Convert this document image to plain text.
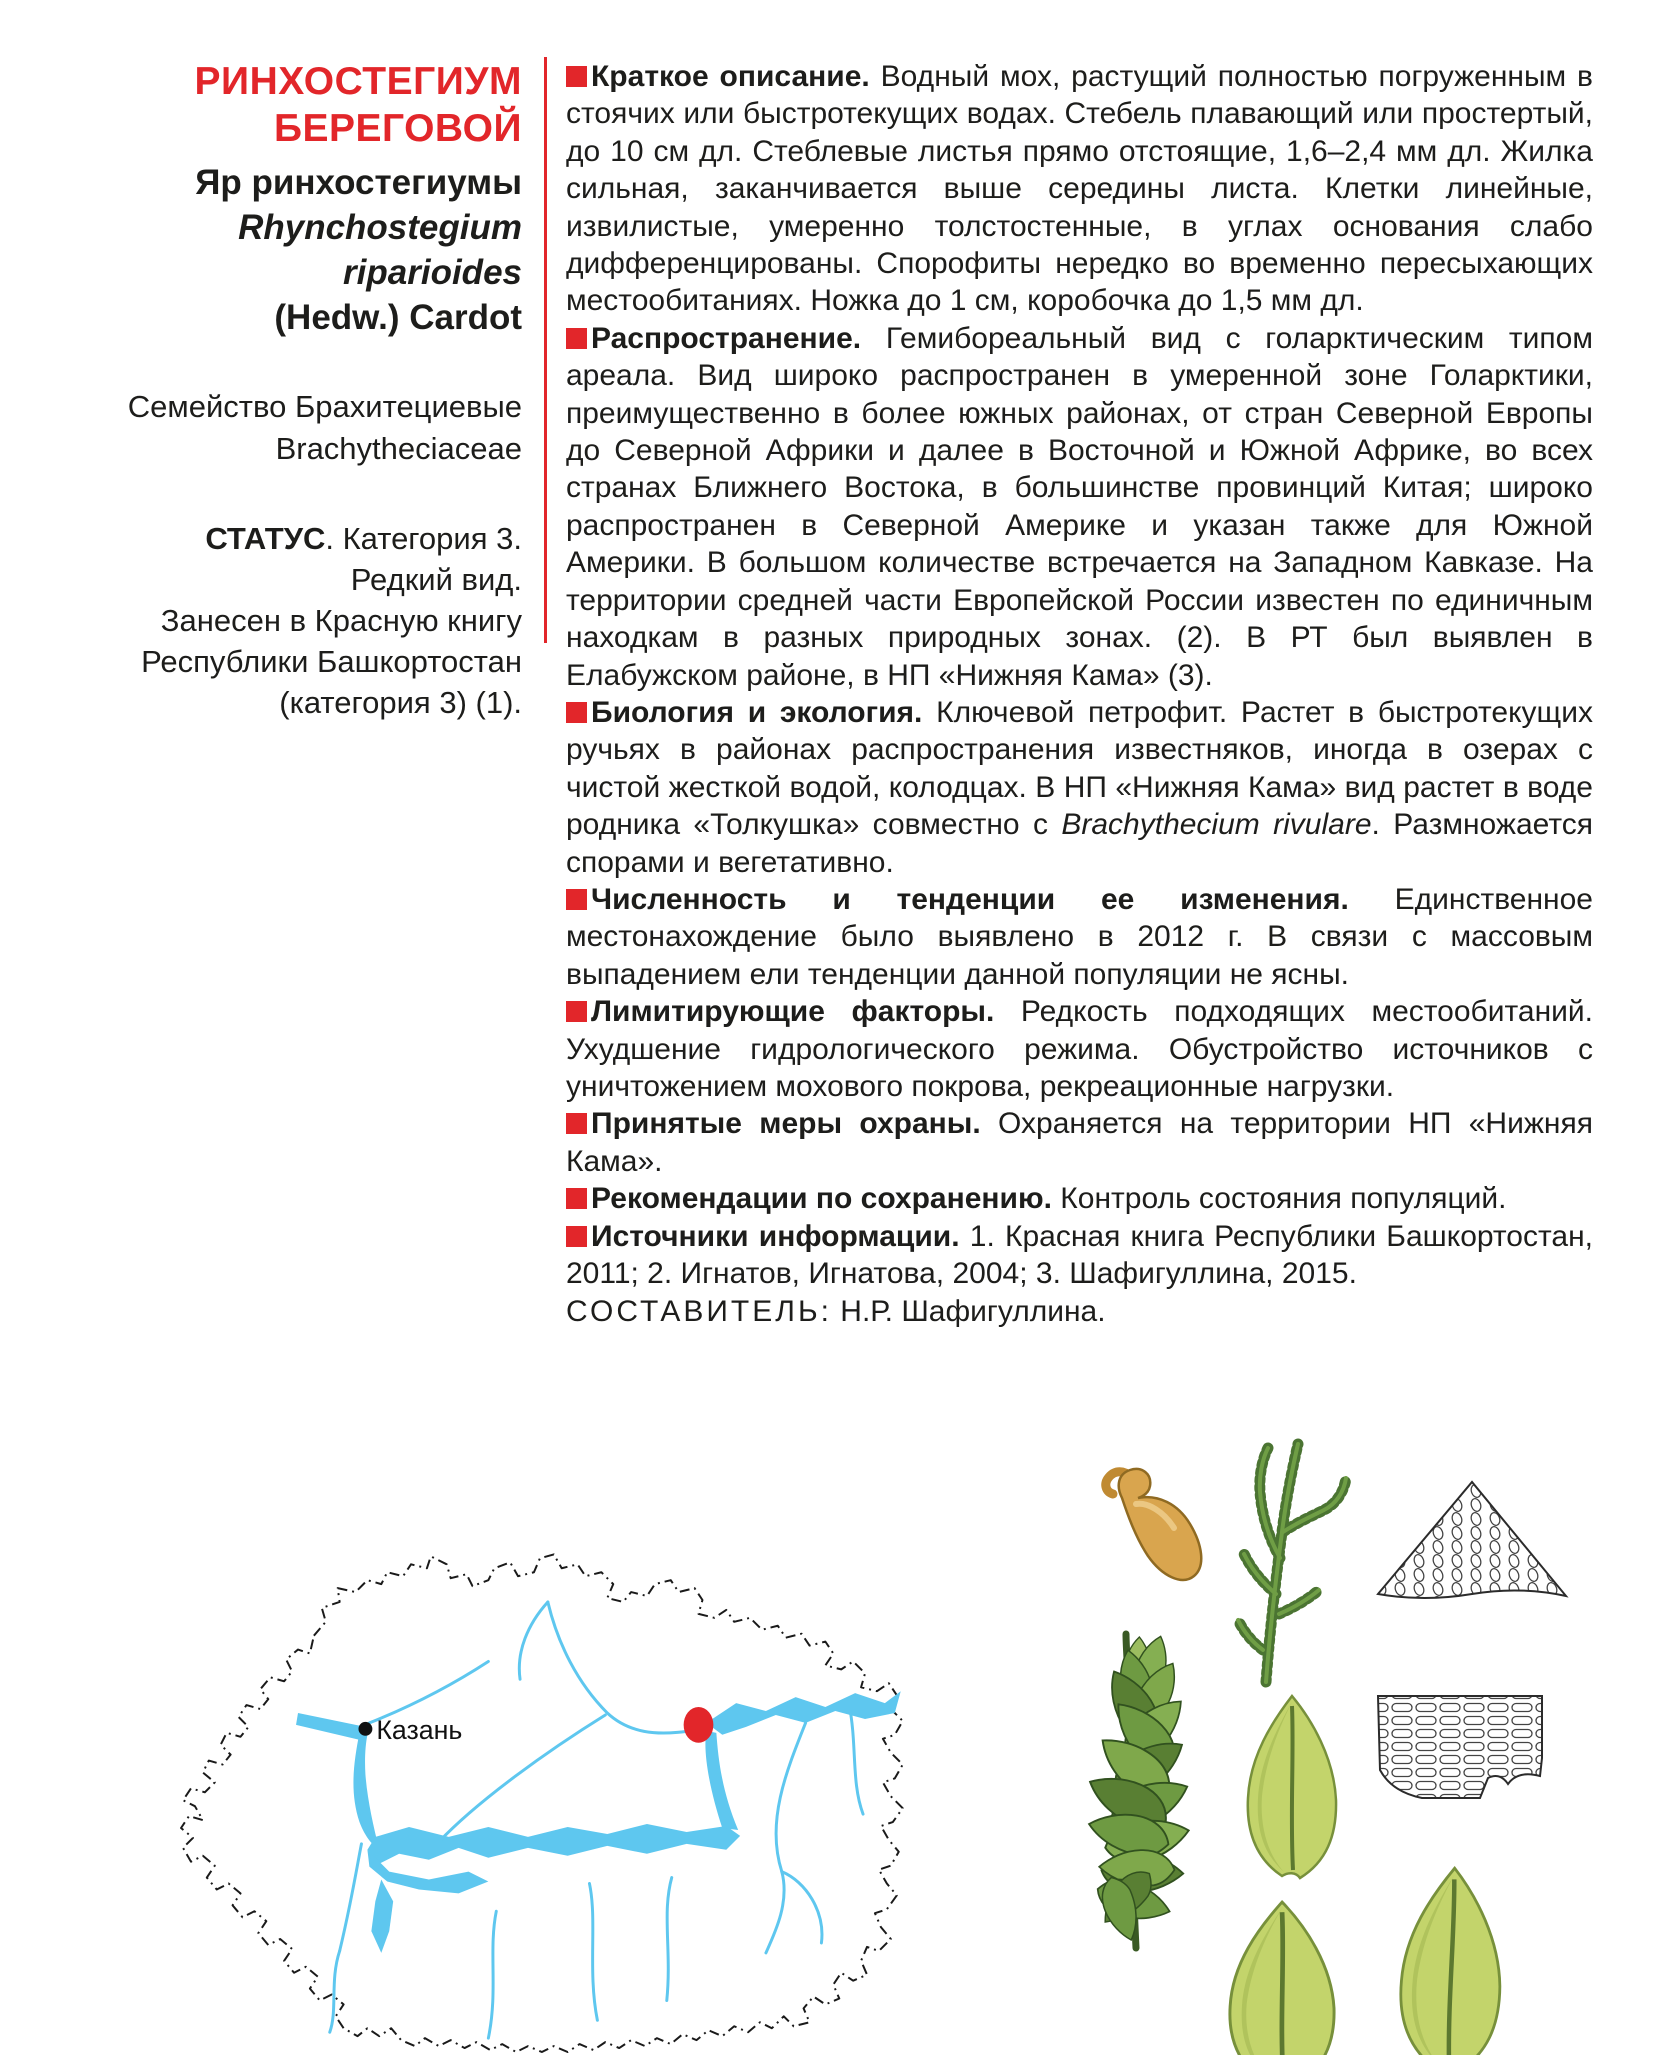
РИНХОСТЕГИУМ
БЕРЕГОВОЙ
Яр ринхостегиумы
Rhynchostegium riparioides
(Hedw.) Cardot
Семейство Брахитециевые
Brachytheciaceae
СТАТУС. Категория 3.
Редкий вид.
Занесен в Красную книгу
Республики Башкортостан
(категория 3) (1).
Краткое описание. Водный мох, растущий полностью погруженным в стоячих или быстротекущих водах. Стебель плавающий или простертый, до 10 см дл. Стеблевые листья прямо отстоящие, 1,6–2,4 мм дл. Жилка сильная, заканчивается выше середины листа. Клетки линейные, извилистые, умеренно толстостенные, в углах основания слабо дифференцированы. Спорофиты нередко во временно пересыхающих местообитаниях. Ножка до 1 см, коробочка до 1,5 мм дл.
Распространение. Гемибореальный вид с голарктическим типом ареала. Вид широко распространен в умеренной зоне Голарктики, преимущественно в более южных районах, от стран Северной Европы до Северной Африки и далее в Восточной и Южной Африке, во всех странах Ближнего Востока, в большинстве провинций Китая; широко распространен в Северной Америке и указан также для Южной Америки. В большом количестве встречается на Западном Кавказе. На территории средней части Европейской России известен по единичным находкам в разных природных зонах. (2). В РТ был выявлен в Елабужском районе, в НП «Нижняя Кама» (3).
Биология и экология. Ключевой петрофит. Растет в быстротекущих ручьях в районах распространения известняков, иногда в озерах с чистой жесткой водой, колодцах. В НП «Нижняя Кама» вид растет в воде родника «Толкушка» совместно с Brachythecium rivulare. Размножается спорами и вегетативно.
Численность и тенденции ее изменения. Единственное местонахождение было выявлено в 2012 г. В связи с массовым выпадением ели тенденции данной популяции не ясны.
Лимитирующие факторы. Редкость подходящих местообитаний. Ухудшение гидрологического режима. Обустройство источников с уничтожением мохового покрова, рекреационные нагрузки.
Принятые меры охраны. Охраняется на территории НП «Нижняя Кама».
Рекомендации по сохранению. Контроль состояния популяций.
Источники информации. 1. Красная книга Республики Башкортостан, 2011; 2. Игнатов, Игнатова, 2004; 3. Шафигуллина, 2015.
СОСТАВИТЕЛЬ: Н.Р. Шафигуллина.
Казань
